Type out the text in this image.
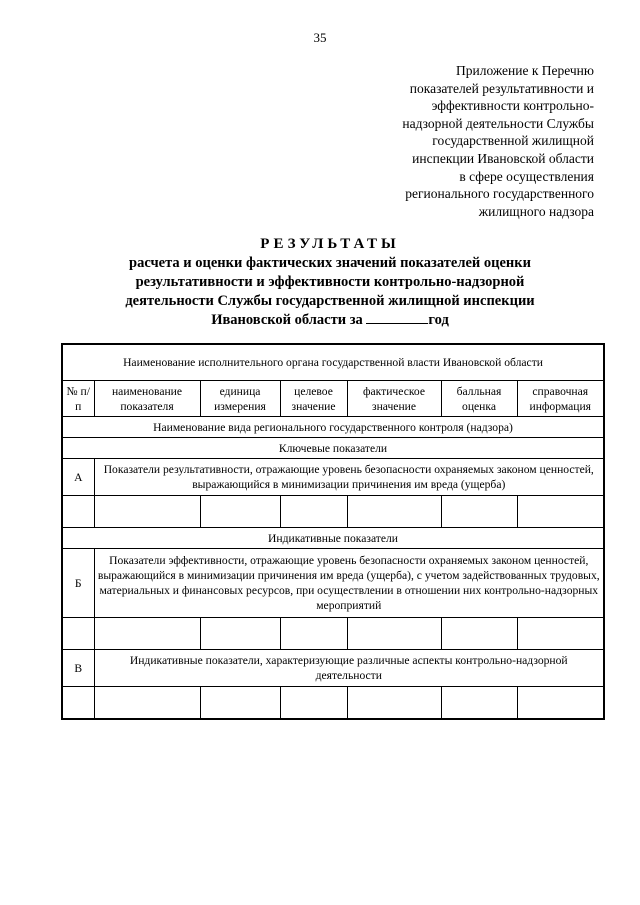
35
Приложение к Перечню
показателей результативности и
эффективности контрольно-
надзорной деятельности Службы
государственной жилищной
инспекции Ивановской области
в сфере осуществления
регионального государственного
жилищного надзора
РЕЗУЛЬТАТЫ
расчета и оценки фактических значений показателей оценки
результативности и эффективности контрольно-надзорной
деятельности Службы государственной жилищной инспекции
Ивановской области за	год
Наименование исполнительного органа государственной власти Ивановской области						
№ п/п	наименование показателя	единица измерения	целевое значение	фактическое значение	балльная оценка	справочная информация
Наименование вида регионального государственного контроля (надзора)						
Ключевые показатели						
А	Показатели результативности, отражающие уровень безопасности охраняемых законом ценностей, выражающийся в минимизации причинения им вреда (ущерба)					

Индикативные показатели						
Б	Показатели эффективности, отражающие уровень безопасности охраняемых законом ценностей, выражающийся в минимизации причинения им вреда (ущерба), с учетом задействованных трудовых, материальных и финансовых ресурсов, при осуществлении в отношении них контрольно-надзорных мероприятий					

В	Индикативные показатели, характеризующие различные аспекты контрольно-надзорной деятельности					
